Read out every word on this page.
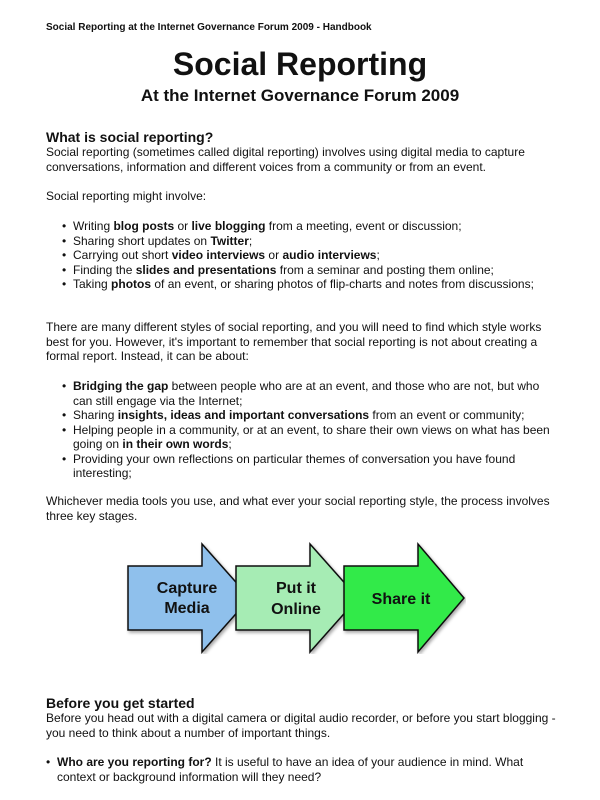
Social Reporting at the Internet Governance Forum 2009 - Handbook
Social Reporting
At the Internet Governance Forum 2009
What is social reporting?
Social reporting (sometimes called digital reporting) involves using digital media to capture conversations, information and different voices from a community or from an event.
Social reporting might involve:
• Writing blog posts or live blogging from a meeting, event or discussion;
• Sharing short updates on Twitter;
• Carrying out short video interviews or audio interviews;
• Finding the slides and presentations from a seminar and posting them online;
• Taking photos of an event, or sharing photos of flip-charts and notes from discussions;
There are many different styles of social reporting, and you will need to find which style works best for you. However, it's important to remember that social reporting is not about creating a formal report. Instead, it can be about:
• Bridging the gap between people who are at an event, and those who are not, but who can still engage via the Internet;
• Sharing insights, ideas and important conversations from an event or community;
• Helping people in a community, or at an event, to share their own views on what has been going on in their own words;
• Providing your own reflections on particular themes of conversation you have found interesting;
Whichever media tools you use, and what ever your social reporting style, the process involves three key stages.
Capture
Media
Put it
Online
Share it
Before you get started
Before you head out with a digital camera or digital audio recorder, or before you start blogging - you need to think about a number of important things.
• Who are you reporting for? It is useful to have an idea of your audience in mind. What context or background information will they need?
